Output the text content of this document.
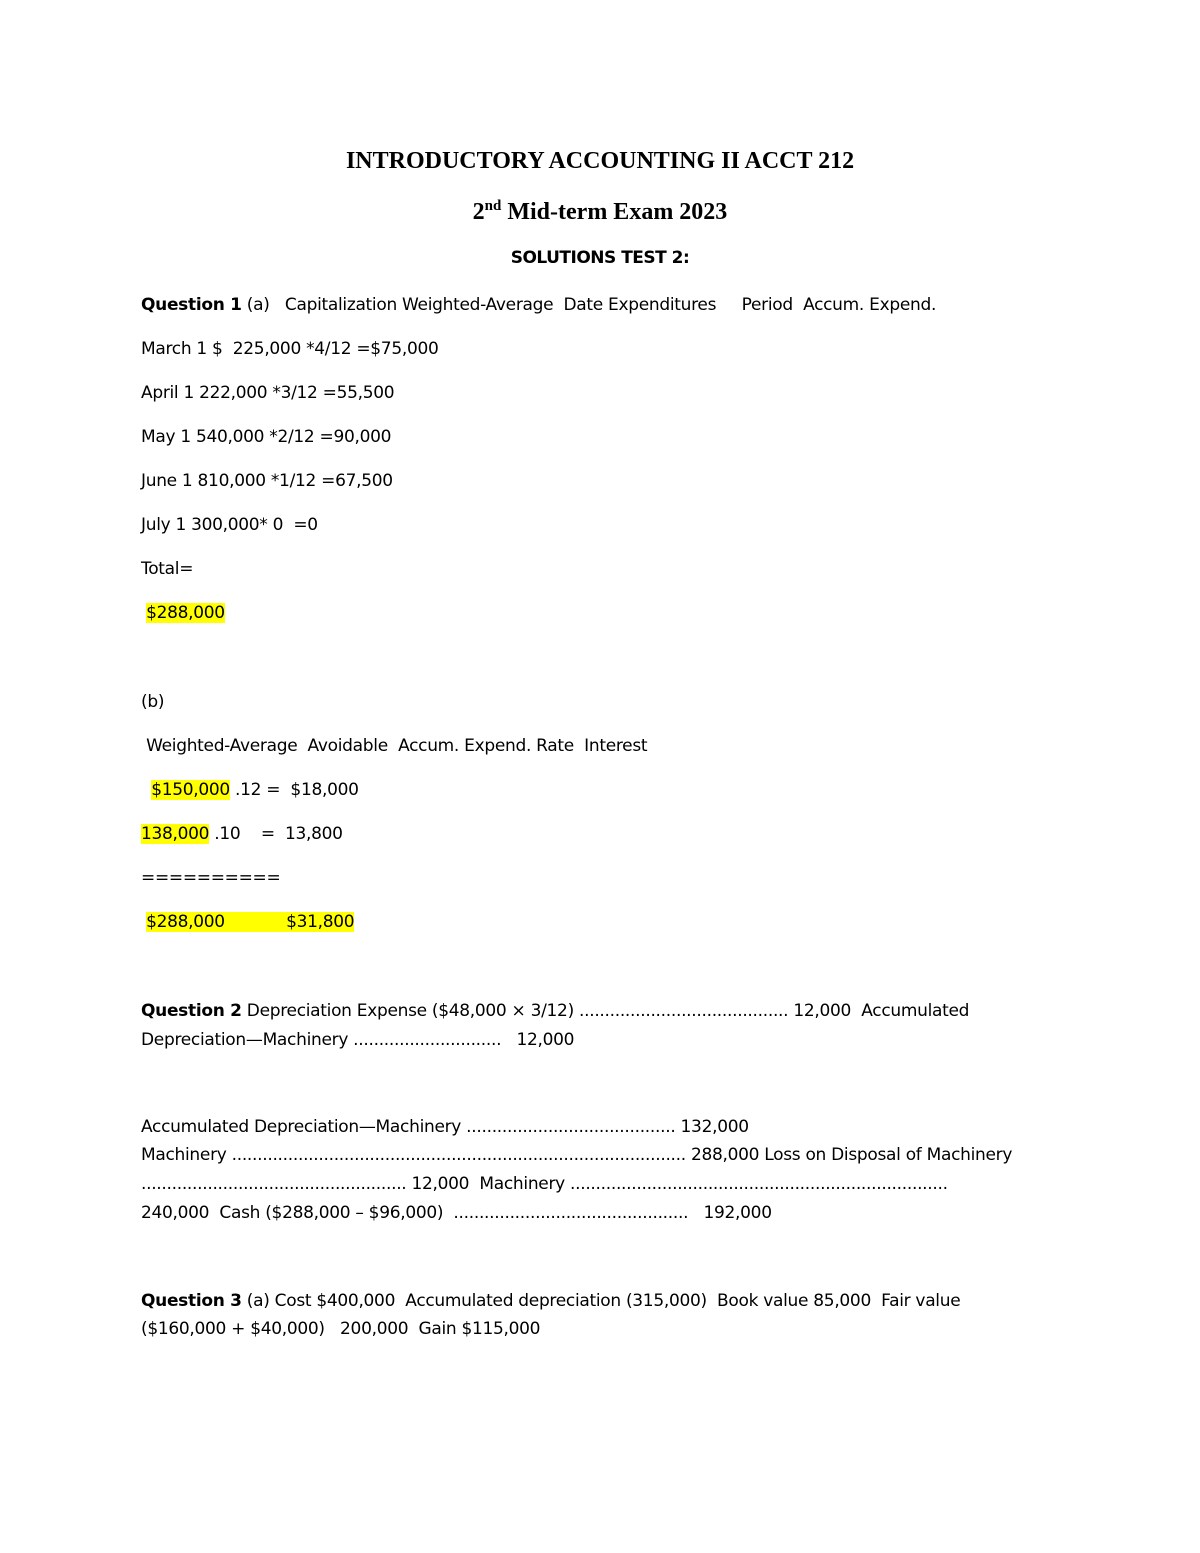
INTRODUCTORY ACCOUNTING II ACCT 212
2nd Mid-term Exam 2023
SOLUTIONS TEST 2:
Question 1 (a)   Capitalization Weighted-Average  Date Expenditures     Period  Accum. Expend.
March 1 $  225,000 *4/12 =$75,000
April 1 222,000 *3/12 =55,500
May 1 540,000 *2/12 =90,000
June 1 810,000 *1/12 =67,500
July 1 300,000* 0  =0
Total=
$288,000
(b)
Weighted-Average  Avoidable  Accum. Expend. Rate  Interest
$150,000 .12 =  $18,000
138,000 .10    =  13,800
==========
$288,000            $31,800
Question 2 Depreciation Expense ($48,000 × 3/12) ......................................... 12,000  Accumulated
Depreciation—Machinery .............................   12,000
Accumulated Depreciation—Machinery ......................................... 132,000
Machinery ......................................................................................... 288,000 Loss on Disposal of Machinery
.................................................... 12,000  Machinery ..........................................................................
240,000  Cash ($288,000 – $96,000)  ..............................................   192,000
Question 3 (a) Cost $400,000  Accumulated depreciation (315,000)  Book value 85,000  Fair value
($160,000 + $40,000)   200,000  Gain $115,000
